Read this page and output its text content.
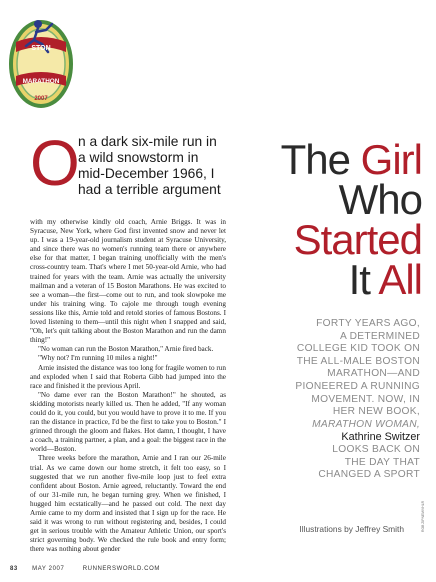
STON
MARATHON
2007
O
n a dark six-mile run in
a wild snowstorm in
mid-December 1966, I
had a terrible argument

with my otherwise kindly old coach, Arnie Briggs. It was in Syracuse, New York, where God first invented snow and never let up. I was a 19-year-old journalism student at Syracuse University, and since there was no women's running team there or anywhere else for that matter, I began training unofficially with the men's cross-country team. That's where I met 50-year-old Arnie, who had trained for years with the team. Arnie was actually the university mailman and a veteran of 15 Boston Marathons. He was excited to see a woman—the first—come out to run, and took slowpoke me under his training wing. To cajole me through tough evening sessions like this, Arnie told and retold stories of famous Bostons. I loved listening to them—until this night when I snapped and said, "Oh, let's quit talking about the Boston Marathon and run the damn thing!"

"No woman can run the Boston Marathon," Arnie fired back.

"Why not? I'm running 10 miles a night!"

Arnie insisted the distance was too long for fragile women to run and exploded when I said that Roberta Gibb had jumped into the race and finished it the previous April.

"No dame ever ran the Boston Marathon!" he shouted, as skidding motorists nearly killed us. Then he added, "If any woman could do it, you could, but you would have to prove it to me. If you ran the distance in practice, I'd be the first to take you to Boston." I grinned through the gloom and flakes. Hot damn, I thought, I have a coach, a training partner, a plan, and a goal: the biggest race in the world—Boston.

Three weeks before the marathon, Arnie and I ran our 26-mile trial. As we came down our home stretch, it felt too easy, so I suggested that we run another five-mile loop just to feel extra confident about Boston. Arnie agreed, reluctantly. Toward the end of our 31-mile run, he began turning grey. When we finished, I hugged him ecstatically—and he passed out cold. The next day Arnie came to my dorm and insisted that I sign up for the race. He said it was wrong to run without registering and, besides, I could get in serious trouble with the Amateur Athletic Union, our sport's strict governing body. We checked the rule book and entry form; there was nothing about gender

The Girl
Who
Started
It All
FORTY YEARS AGO,
A DETERMINED
COLLEGE KID TOOK ON
THE ALL-MALE BOSTON
MARATHON—AND
PIONEERED A RUNNING
MOVEMENT. NOW, IN
HER NEW BOOK,
MARATHON WOMAN,
Kathrine Switzer
LOOKS BACK ON
THE DAY THAT
CHANGED A SPORT
Illustrations by Jeffrey Smith	ROB ZIPNEMIVHLR
83 MAY 2007	RUNNERSWORLD.COM
